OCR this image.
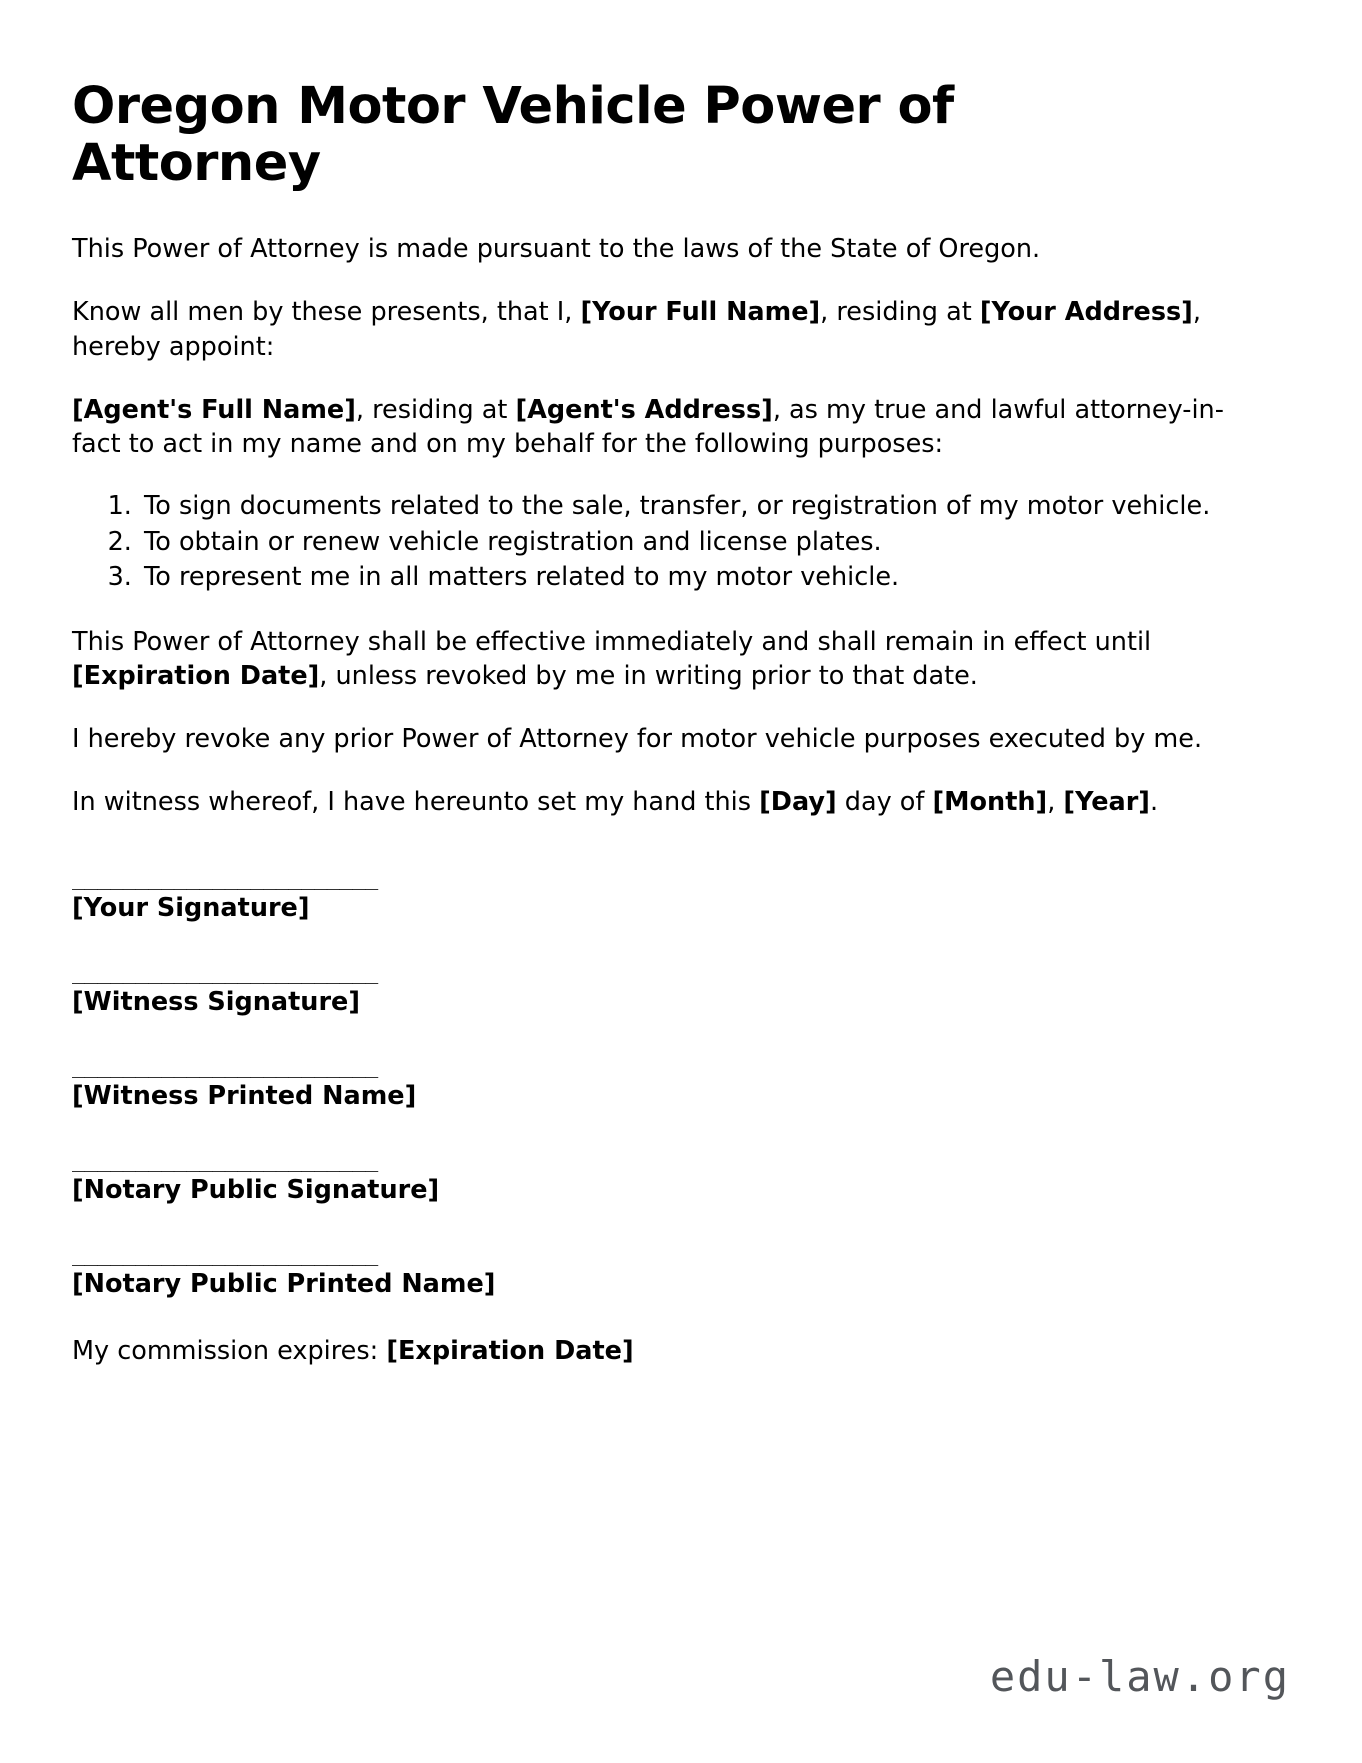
Oregon Motor Vehicle Power of Attorney

This Power of Attorney is made pursuant to the laws of the State of Oregon.

Know all men by these presents, that I, [Your Full Name], residing at [Your Address], hereby appoint:

[Agent's Full Name], residing at [Agent's Address], as my true and lawful attorney-in-fact to act in my name and on my behalf for the following purposes:

1. To sign documents related to the sale, transfer, or registration of my motor vehicle.
2. To obtain or renew vehicle registration and license plates.
3. To represent me in all matters related to my motor vehicle.

This Power of Attorney shall be effective immediately and shall remain in effect until [Expiration Date], unless revoked by me in writing prior to that date.

I hereby revoke any prior Power of Attorney for motor vehicle purposes executed by me.

In witness whereof, I have hereunto set my hand this [Day] day of [Month], [Year].

________________________
[Your Signature]
________________________
[Witness Signature]
________________________
[Witness Printed Name]
________________________
[Notary Public Signature]
________________________
[Notary Public Printed Name]

My commission expires: [Expiration Date]

edu-law.org
